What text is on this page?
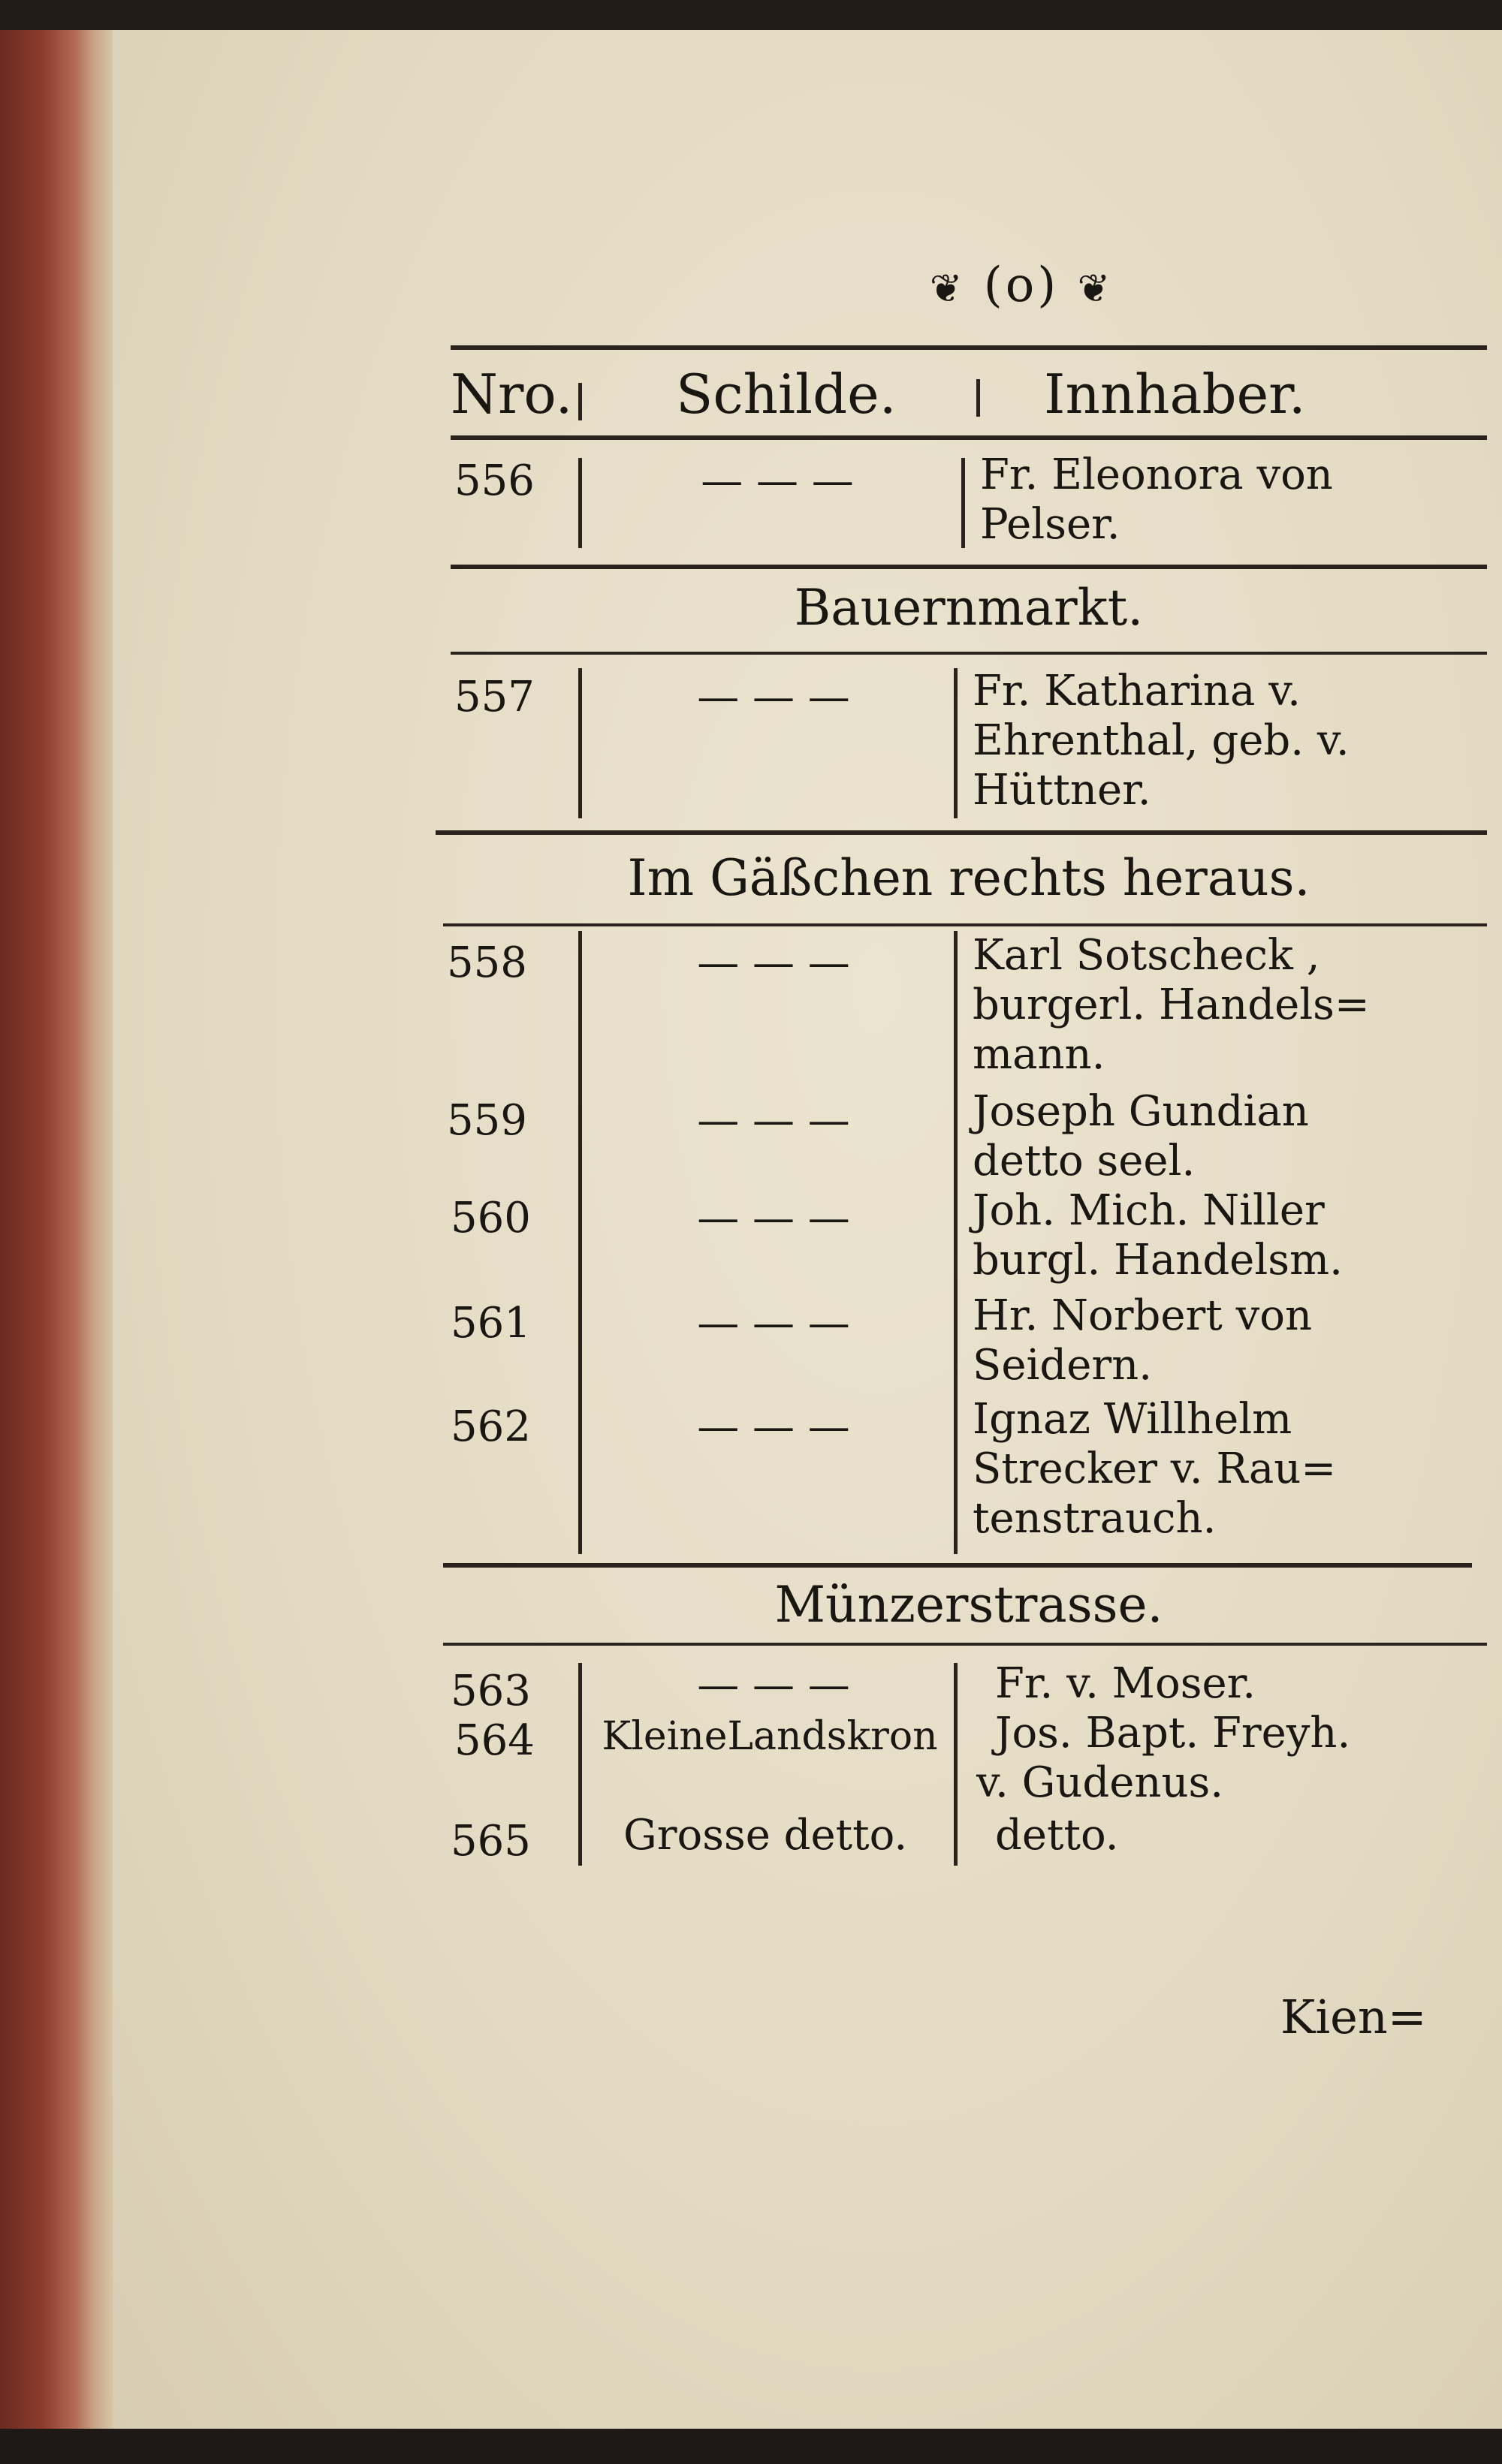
❦ (o) ❦
Nro. Schilde.	Innhaber.
556	— — —	Fr. Eleonora von
Pelser.
Bauernmarkt.
557	— — —	Fr. Katharina v.
Ehrenthal, geb. v.
Hüttner.
Im Gäßchen rechts heraus.
558	— — —	Karl Sotscheck ,
burgerl. Handels=
mann.
559	— — —	Joseph Gundian
detto seel.
560	— — —	Joh. Mich. Niller
burgl. Handelsm.
561	— — —	Hr. Norbert von
Seidern.
562	— — —	Ignaz Willhelm
Strecker v. Rau=
tenstrauch.
Münzerstrasse.
563	— — —	Fr. v. Moser.
564	KleineLandskron	Jos. Bapt. Freyh.
v. Gudenus.
565	Grosse detto.	detto.
Kien=
